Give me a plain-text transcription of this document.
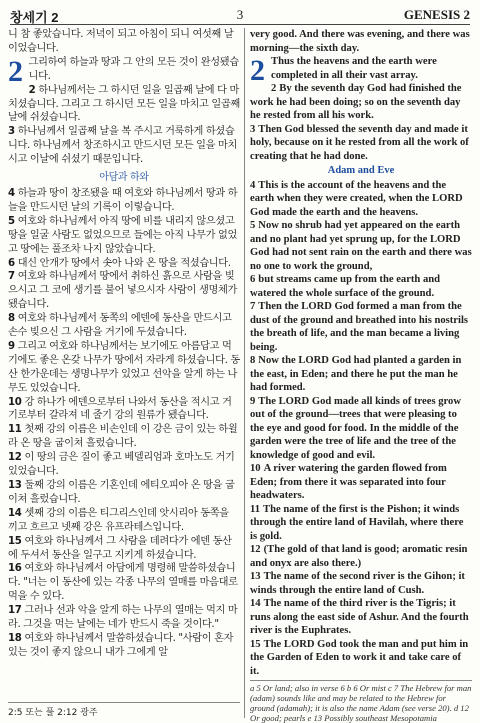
창세기 2	3	GENESIS 2

니 참 좋았습니다. 저녁이 되고 아침이 되니 여섯째 날이었습니다.

2 그리하여 하늘과 땅과 그 안의 모든 것이 완성됐습니다.

2 하나님께서는 그 하시던 일을 일곱째 날에 다 마치셨습니다. 그리고 그 하시던 모든 일을 마치고 일곱째 날에 쉬셨습니다.

3 하나님께서 일곱째 날을 복 주시고 거룩하게 하셨습니다. 하나님께서 창조하시고 만드시던 모든 일을 마치시고 이날에 쉬셨기 때문입니다.

아담과 하와

4 하늘과 땅이 창조됐을 때 여호와 하나님께서 땅과 하늘을 만드시던 날의 기록이 이렇습니다.

5 여호와 하나님께서 아직 땅에 비를 내리지 않으셨고 땅을 일굴 사람도 없었으므로 들에는 아직 나무가 없었고 땅에는 풀조차 나지 않았습니다.

6 대신 안개가 땅에서 솟아 나와 온 땅을 적셨습니다.

7 여호와 하나님께서 땅에서 취하신 흙으로 사람을 빚으시고 그 코에 생기를 불어 넣으시자 사람이 생명체가 됐습니다.

8 여호와 하나님께서 동쪽의 에덴에 동산을 만드시고 손수 빚으신 그 사람을 거기에 두셨습니다.

9 그리고 여호와 하나님께서는 보기에도 아름답고 먹기에도 좋은 온갖 나무가 땅에서 자라게 하셨습니다. 동산 한가운데는 생명나무가 있었고 선악을 알게 하는 나무도 있었습니다.

10 강 하나가 에덴으로부터 나와서 동산을 적시고 거기로부터 갈라져 네 줄기 강의 원류가 됐습니다.

11 첫째 강의 이름은 비손인데 이 강은 금이 있는 하윌라 온 땅을 굽이쳐 흘렀습니다.

12 이 땅의 금은 질이 좋고 베델리엄과 호마노도 거기 있었습니다.

13 둘째 강의 이름은 기혼인데 에티오피아 온 땅을 굽이쳐 흘렀습니다.

14 셋째 강의 이름은 티그리스인데 앗시리아 동쪽을 끼고 흐르고 넷째 강은 유프라테스입니다.

15 여호와 하나님께서 그 사람을 데려다가 에덴 동산에 두셔서 동산을 일구고 지키게 하셨습니다.

16 여호와 하나님께서 아담에게 명령해 말씀하셨습니다. "너는 이 동산에 있는 각종 나무의 열매를 마음대로 먹을 수 있다.

17 그러나 선과 악을 알게 하는 나무의 열매는 먹지 마라. 그것을 먹는 날에는 네가 반드시 죽을 것이다."

18 여호와 하나님께서 말씀하셨습니다. "사람이 혼자 있는 것이 좋지 않으니 내가 그에게 알

very good. And there was evening, and there was morning—the sixth day.

2 Thus the heavens and the earth were completed in all their vast array.

2 By the seventh day God had finished the work he had been doing; so on the seventh day he rested from all his work.

3 Then God blessed the seventh day and made it holy, because on it he rested from all the work of creating that he had done.

Adam and Eve

4 This is the account of the heavens and the earth when they were created, when the LORD God made the earth and the heavens.

5 Now no shrub had yet appeared on the earth and no plant had yet sprung up, for the LORD God had not sent rain on the earth and there was no one to work the ground,

6 but streams came up from the earth and watered the whole surface of the ground.

7 Then the LORD God formed a man from the dust of the ground and breathed into his nostrils the breath of life, and the man became a living being.

8 Now the LORD God had planted a garden in the east, in Eden; and there he put the man he had formed.

9 The LORD God made all kinds of trees grow out of the ground—trees that were pleasing to the eye and good for food. In the middle of the garden were the tree of life and the tree of the knowledge of good and evil.

10 A river watering the garden flowed from Eden; from there it was separated into four headwaters.

11 The name of the first is the Pishon; it winds through the entire land of Havilah, where there is gold.

12 (The gold of that land is good; aromatic resin and onyx are also there.)

13 The name of the second river is the Gihon; it winds through the entire land of Cush.

14 The name of the third river is the Tigris; it runs along the east side of Ashur. And the fourth river is the Euphrates.

15 The LORD God took the man and put him in the Garden of Eden to work it and take care of it.

2:5 또는 풀 2:12 광주
a 5 Or land; also in verse 6 b 6 Or mist c 7 The Hebrew for man (adam) sounds like and may be related to the Hebrew for ground (adamah); it is also the name Adam (see verse 20). d 12 Or good; pearls e 13 Possibly southeast Mesopotamia
